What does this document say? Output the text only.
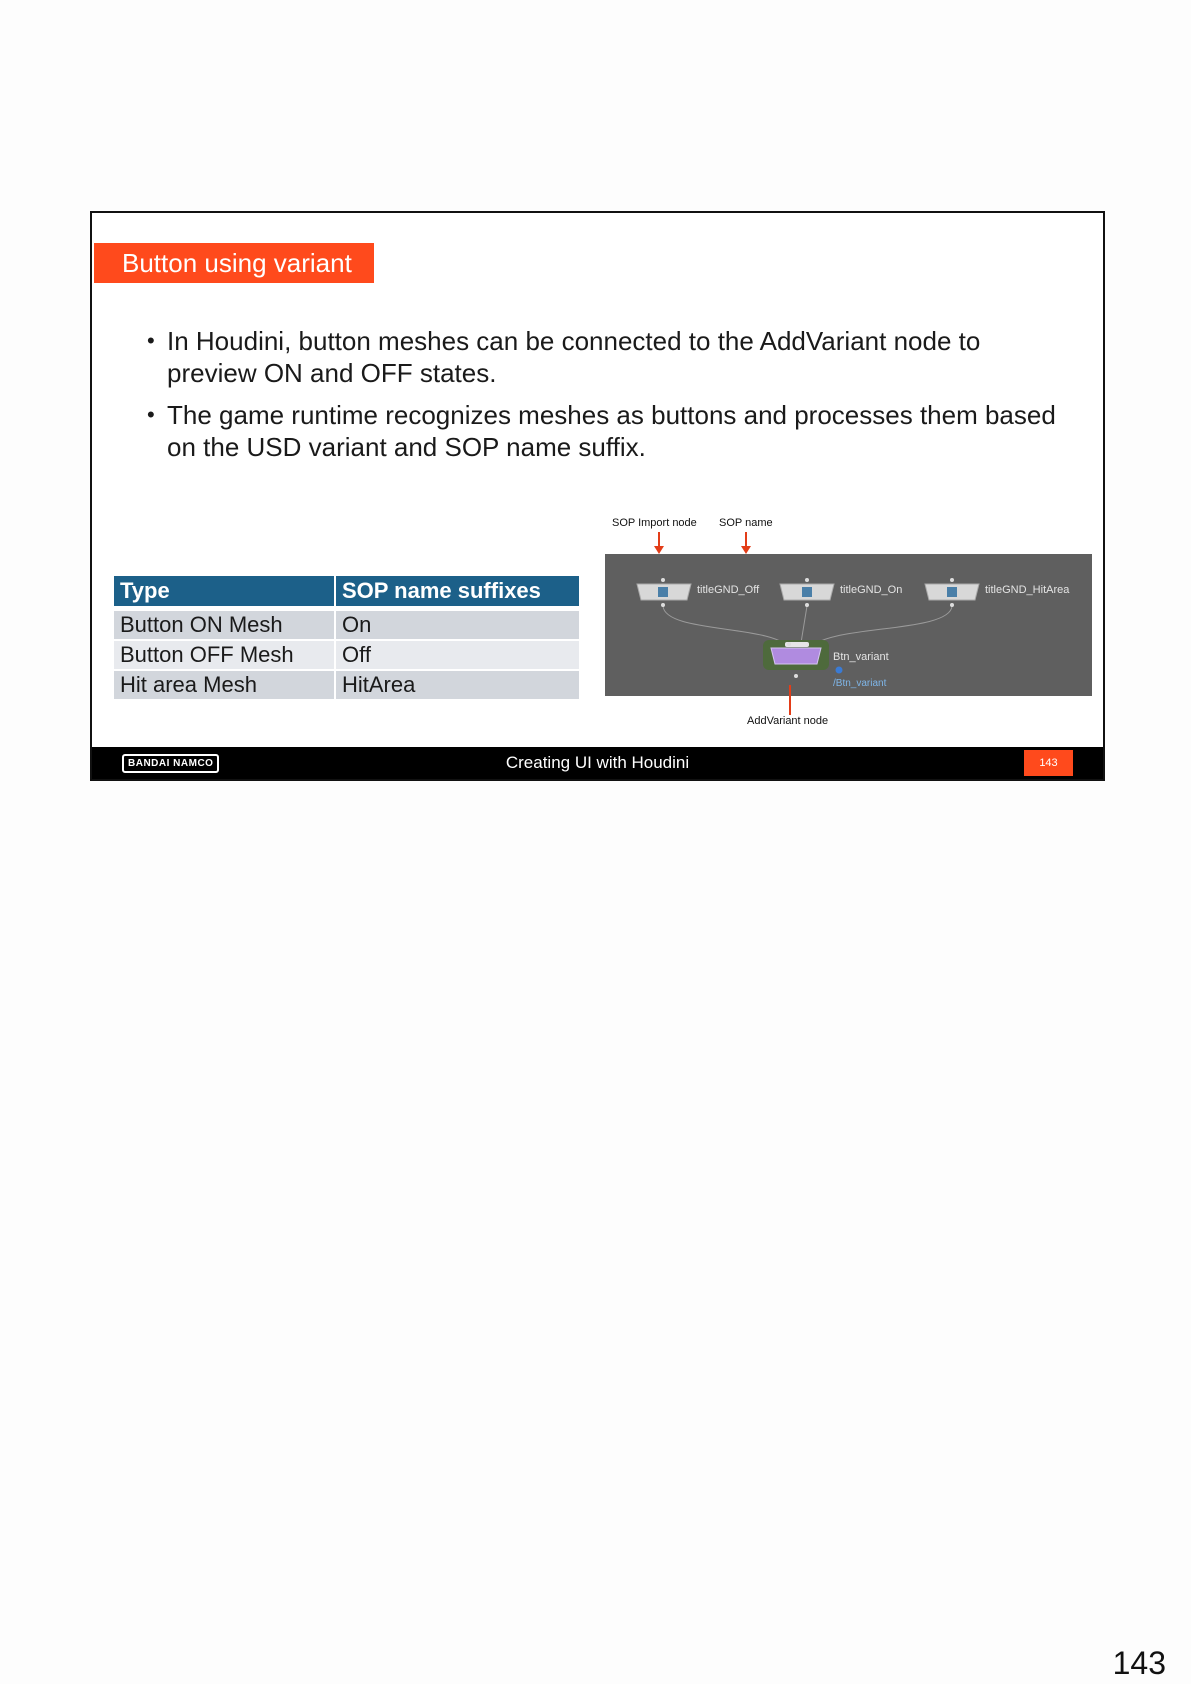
Button using variant
• In Houdini, button meshes can be connected to the AddVariant node to preview ON and OFF states.
• The game runtime recognizes meshes as buttons and processes them based on the USD variant and SOP name suffix.
Type	SOP name suffixes
Button ON Mesh	On
Button OFF Mesh	Off
Hit area Mesh	HitArea
SOP Import node SOP name
titleGND_Off	titleGND_On	titleGND_HitArea
Btn_variant
/Btn_variant
AddVariant node
BANDAI NAMCO	Creating UI with Houdini	143
143
